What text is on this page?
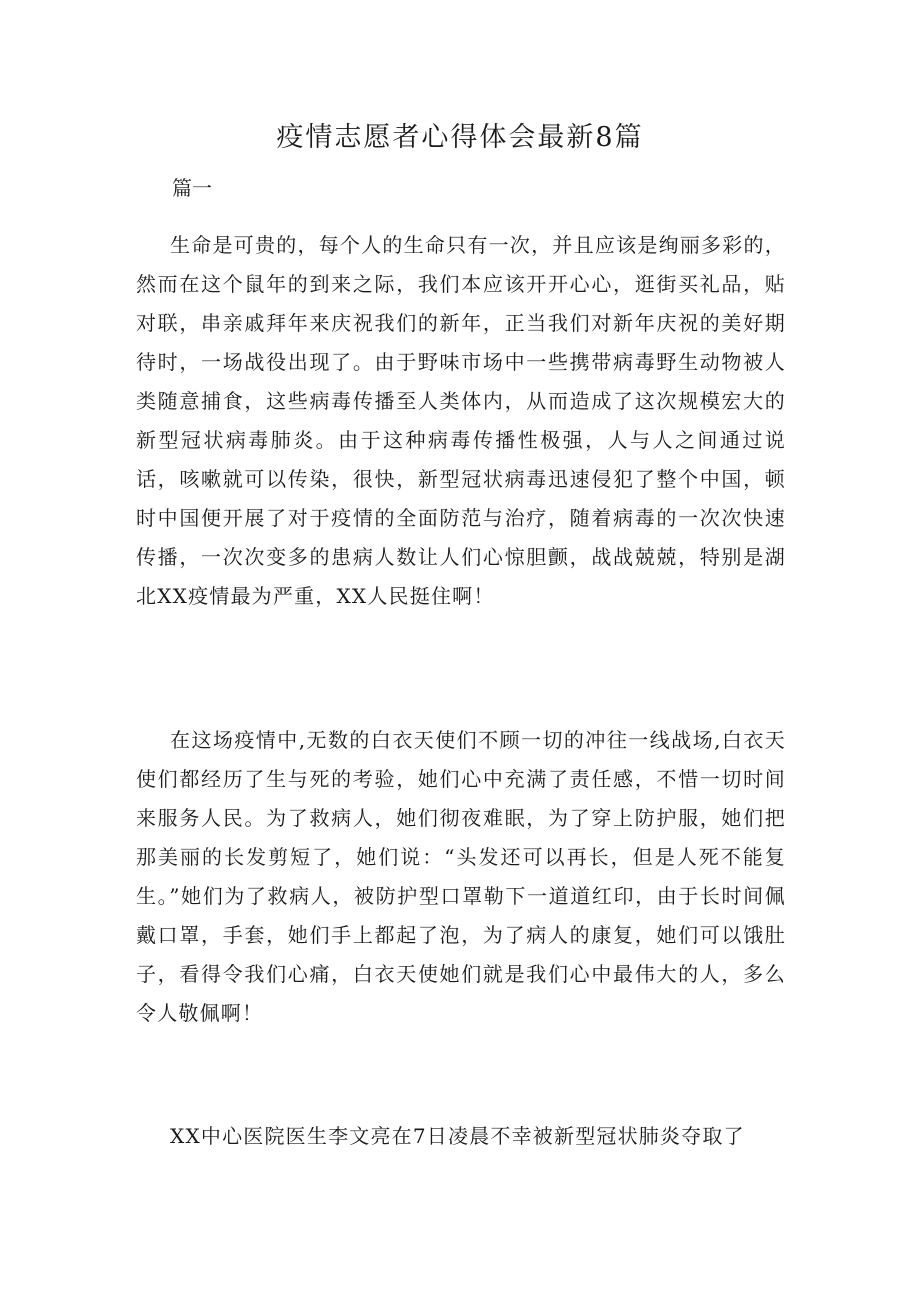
疫情志愿者心得体会最新8篇

篇一

生命是可贵的，每个人的生命只有一次，并且应该是绚丽多彩的，然而在这个鼠年的到来之际，我们本应该开开心心，逛街买礼品，贴对联，串亲戚拜年来庆祝我们的新年，正当我们对新年庆祝的美好期待时，一场战役出现了。由于野味市场中一些携带病毒野生动物被人类随意捕食，这些病毒传播至人类体内，从而造成了这次规模宏大的新型冠状病毒肺炎。由于这种病毒传播性极强，人与人之间通过说话，咳嗽就可以传染，很快，新型冠状病毒迅速侵犯了整个中国，顿时中国便开展了对于疫情的全面防范与治疗，随着病毒的一次次快速传播，一次次变多的患病人数让人们心惊胆颤，战战兢兢，特别是湖北XX疫情最为严重，XX人民挺住啊！

在这场疫情中,无数的白衣天使们不顾一切的冲往一线战场,白衣天使们都经历了生与死的考验，她们心中充满了责任感，不惜一切时间来服务人民。为了救病人，她们彻夜难眠，为了穿上防护服，她们把那美丽的长发剪短了，她们说：“头发还可以再长，但是人死不能复生。”她们为了救病人，被防护型口罩勒下一道道红印，由于长时间佩戴口罩，手套，她们手上都起了泡，为了病人的康复，她们可以饿肚子，看得令我们心痛，白衣天使她们就是我们心中最伟大的人，多么令人敬佩啊！

XX中心医院医生李文亮在7日凌晨不幸被新型冠状肺炎夺取了
